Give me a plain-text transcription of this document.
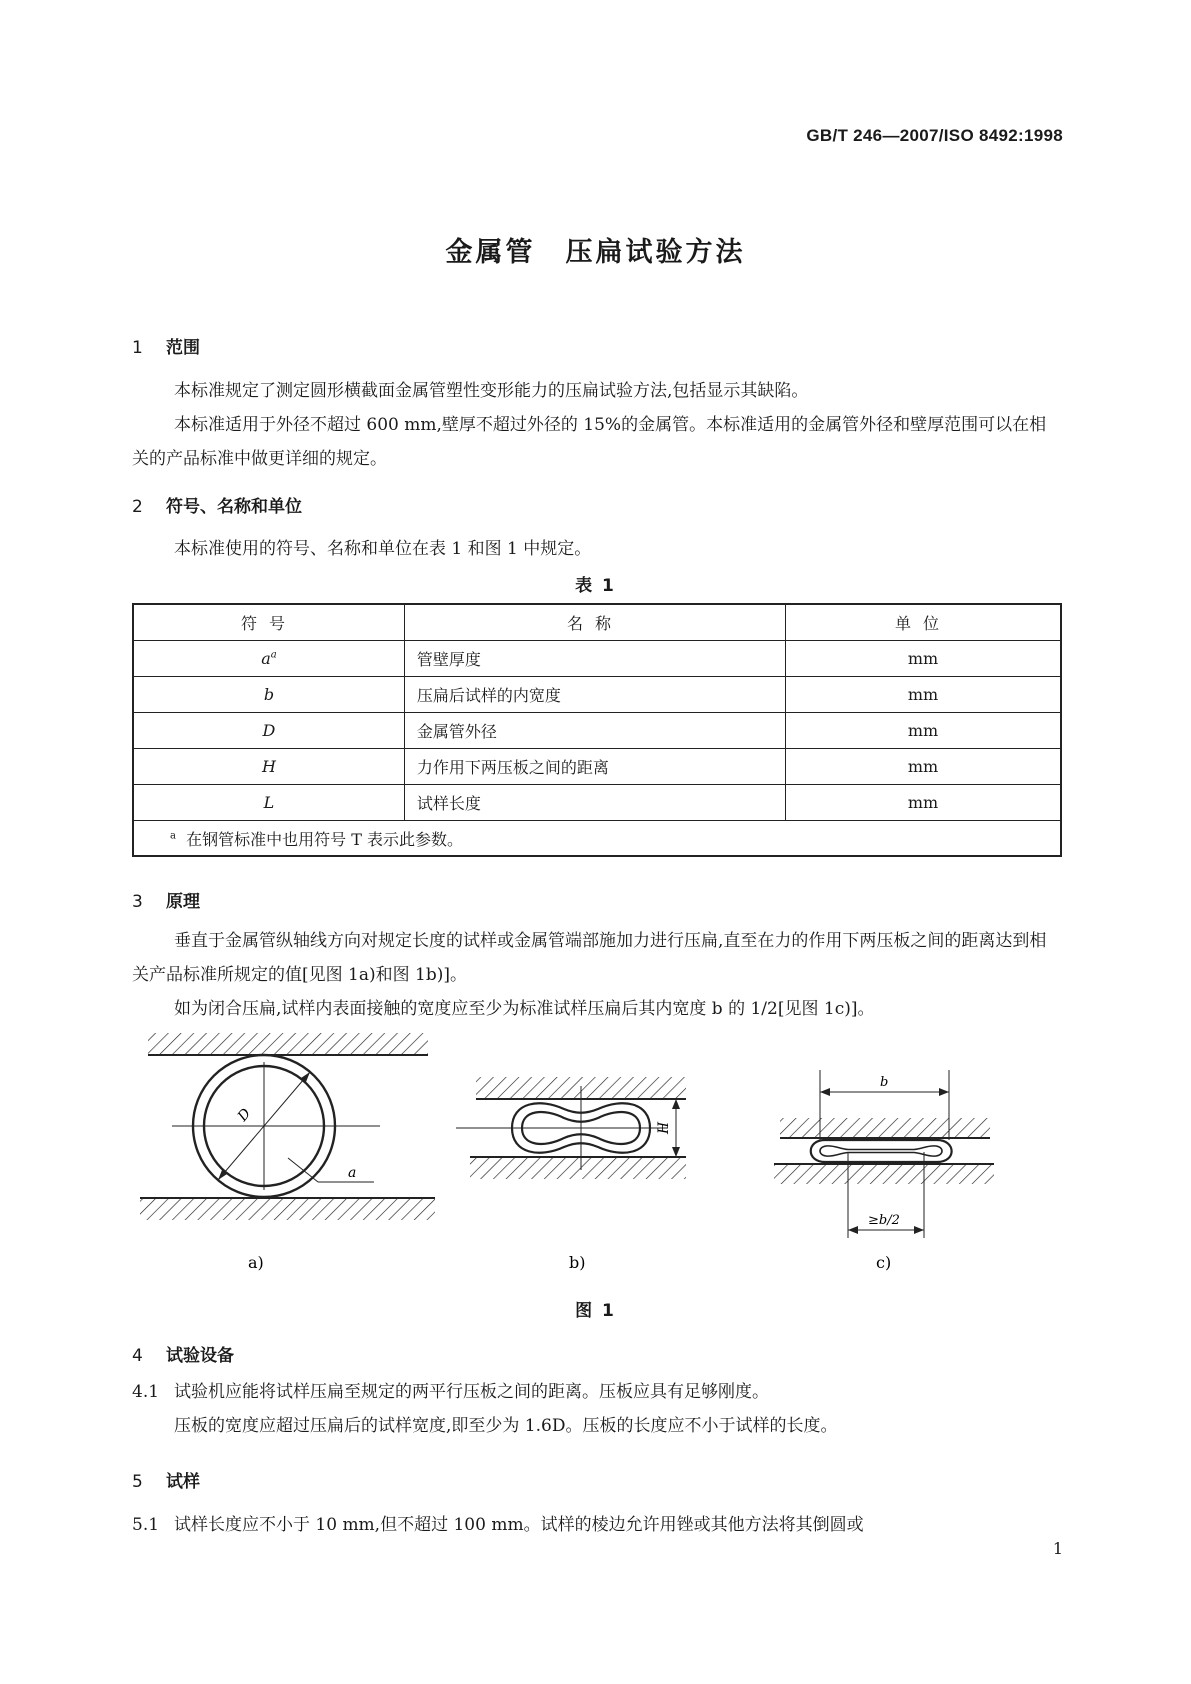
GB/T 246—2007/ISO 8492:1998
金属管 压扁试验方法
1 范围
本标准规定了测定圆形横截面金属管塑性变形能力的压扁试验方法,包括显示其缺陷。
本标准适用于外径不超过 600 mm,壁厚不超过外径的 15%的金属管。本标准适用的金属管外径和壁厚范围可以在相关的产品标准中做更详细的规定。
2 符号、名称和单位
本标准使用的符号、名称和单位在表 1 和图 1 中规定。
表 1
符号	名称	单位
$a^a$	管壁厚度	mm
b	压扁后试样的内宽度	mm
D	金属管外径	mm
H	力作用下两压板之间的距离	mm
L	试样长度	mm
$^a$ 在钢管标准中也用符号 T 表示此参数。		
3 原理
垂直于金属管纵轴线方向对规定长度的试样或金属管端部施加力进行压扁,直至在力的作用下两压板之间的距离达到相关产品标准所规定的值[见图 1a)和图 1b)]。
如为闭合压扁,试样内表面接触的宽度应至少为标准试样压扁后其内宽度 b 的 1/2[见图 1c)]。
D
a
a)
H
b)
b
≥b/2
c)
图 1
4 试验设备
4.1 试验机应能将试样压扁至规定的两平行压板之间的距离。压板应具有足够刚度。
压板的宽度应超过压扁后的试样宽度,即至少为 1.6D。压板的长度应不小于试样的长度。
5 试样
5.1 试样长度应不小于 10 mm,但不超过 100 mm。试样的棱边允许用锉或其他方法将其倒圆或
1
